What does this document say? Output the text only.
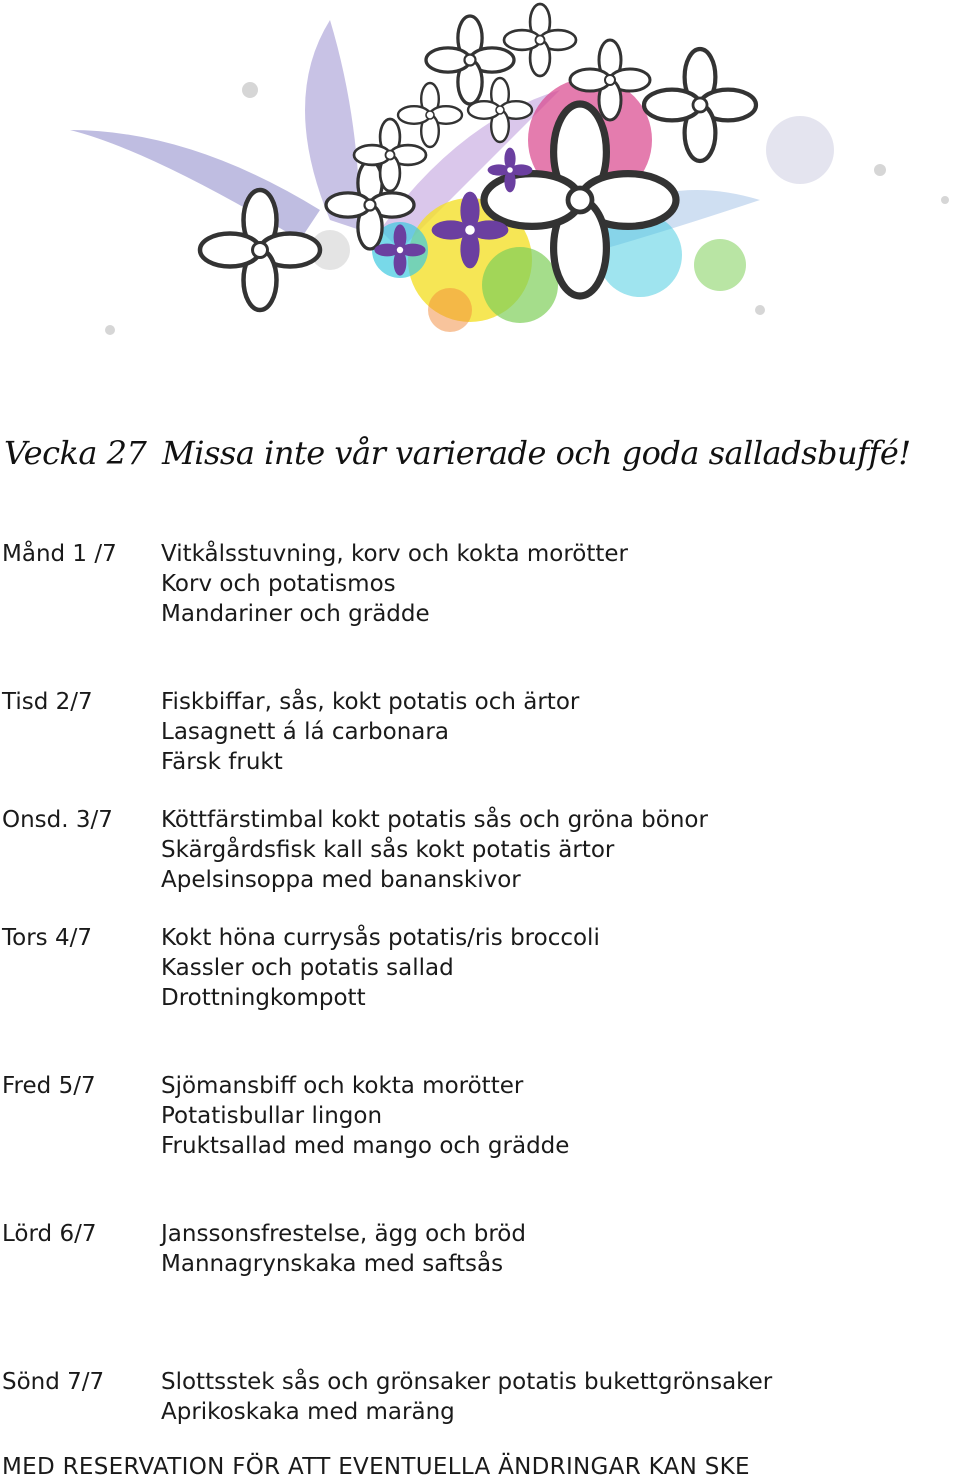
Vecka 27 Missa inte vår varierade och goda salladsbuffé!
Månd 1 /7 Vitkålsstuvning, korv och kokta morötter
Korv och potatismos
Mandariner och grädde
Tisd 2/7	Fiskbiffar, sås, kokt potatis och ärtor
Lasagnett á lá carbonara
Färsk frukt
Onsd. 3/7 Köttfärstimbal kokt potatis sås och gröna bönor
Skärgårdsfisk kall sås kokt potatis ärtor
Apelsinsoppa med bananskivor
Tors 4/7	Kokt höna currysås potatis/ris broccoli
Kassler och potatis sallad
Drottningkompott
Fred 5/7	Sjömansbiff och kokta morötter
Potatisbullar lingon
Fruktsallad med mango och grädde
Lörd 6/7	Janssonsfrestelse, ägg och bröd
Mannagrynskaka med saftsås
Sönd 7/7 Slottsstek sås och grönsaker potatis bukettgrönsaker
Aprikoskaka med maräng
MED RESERVATION FÖR ATT EVENTUELLA ÄNDRINGAR KAN SKE
